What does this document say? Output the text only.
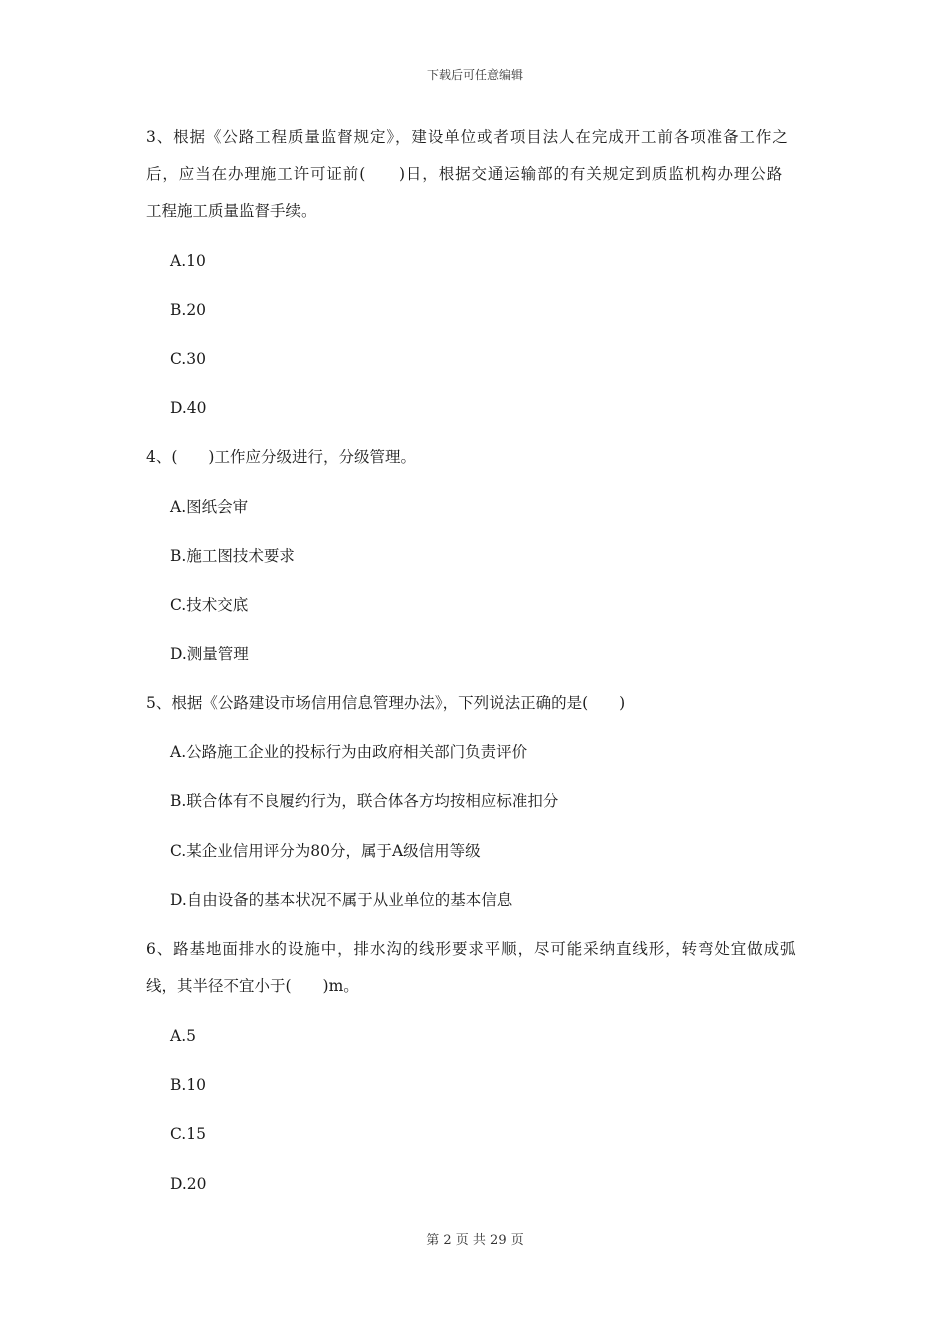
下载后可任意编辑
3、根据《公路工程质量监督规定》，建设单位或者项目法人在完成开工前各项准备工作之
后，应当在办理施工许可证前(　　)日，根据交通运输部的有关规定到质监机构办理公路
工程施工质量监督手续。
A.10
B.20
C.30
D.40
4、(　　)工作应分级进行，分级管理。
A.图纸会审
B.施工图技术要求
C.技术交底
D.测量管理
5、根据《公路建设市场信用信息管理办法》，下列说法正确的是(　　)
A.公路施工企业的投标行为由政府相关部门负责评价
B.联合体有不良履约行为，联合体各方均按相应标准扣分
C.某企业信用评分为80分，属于A级信用等级
D.自由设备的基本状况不属于从业单位的基本信息
6、路基地面排水的设施中，排水沟的线形要求平顺，尽可能采纳直线形，转弯处宜做成弧
线，其半径不宜小于(　　)m。
A.5
B.10
C.15
D.20
第 2 页 共 29 页
